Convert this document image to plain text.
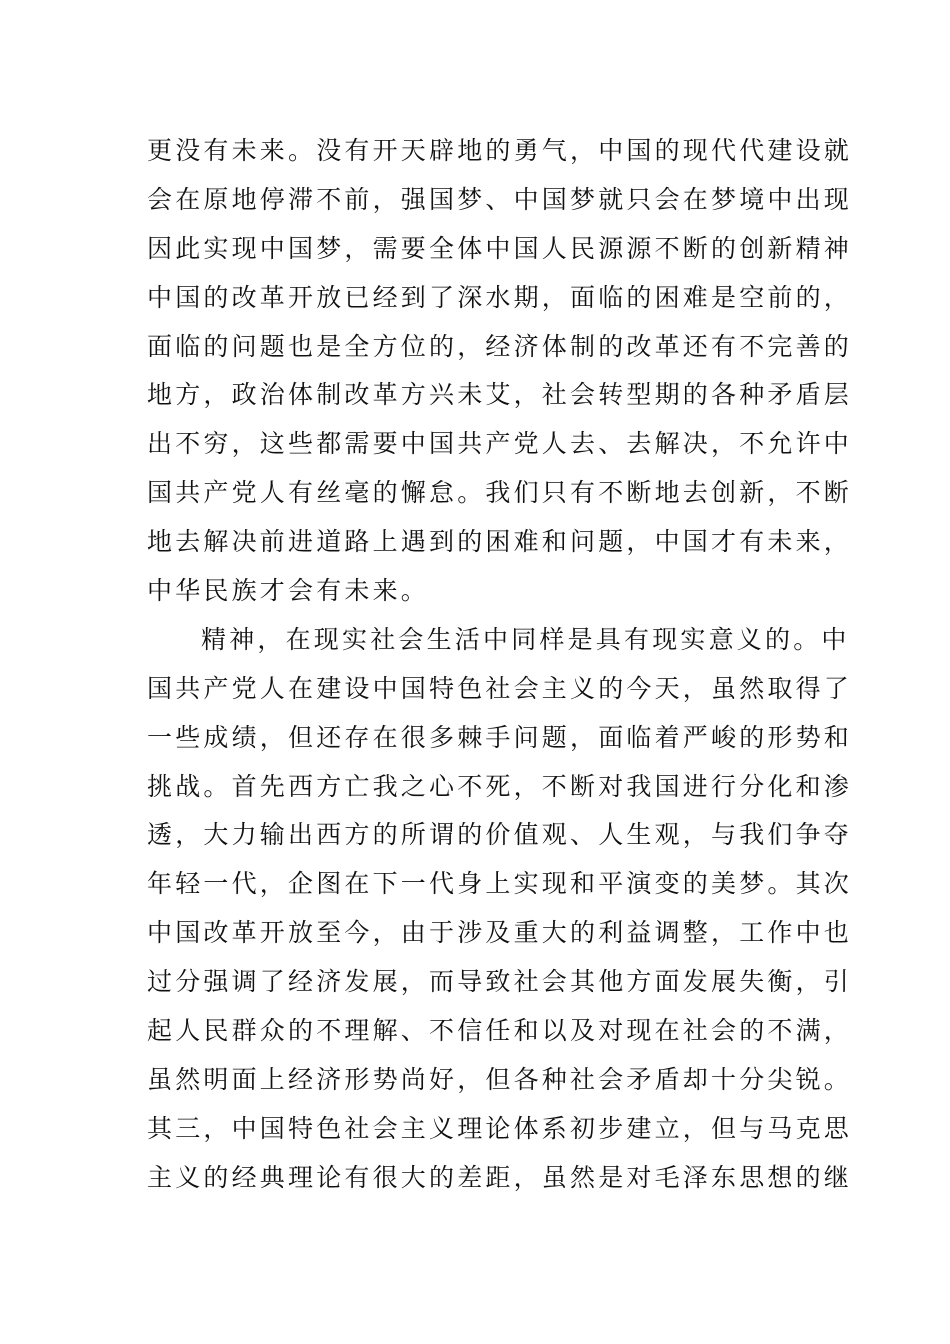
更没有未来。没有开天辟地的勇气，中国的现代代建设就
会在原地停滞不前，强国梦、中国梦就只会在梦境中出现
因此实现中国梦，需要全体中国人民源源不断的创新精神
中国的改革开放已经到了深水期，面临的困难是空前的，
面临的问题也是全方位的，经济体制的改革还有不完善的
地方，政治体制改革方兴未艾，社会转型期的各种矛盾层
出不穷，这些都需要中国共产党人去、去解决，不允许中
国共产党人有丝毫的懈怠。我们只有不断地去创新，不断
地去解决前进道路上遇到的困难和问题，中国才有未来，
中华民族才会有未来。
精神，在现实社会生活中同样是具有现实意义的。中
国共产党人在建设中国特色社会主义的今天，虽然取得了
一些成绩，但还存在很多棘手问题，面临着严峻的形势和
挑战。首先西方亡我之心不死，不断对我国进行分化和渗
透，大力输出西方的所谓的价值观、人生观，与我们争夺
年轻一代，企图在下一代身上实现和平演变的美梦。其次
中国改革开放至今，由于涉及重大的利益调整，工作中也
过分强调了经济发展，而导致社会其他方面发展失衡，引
起人民群众的不理解、不信任和以及对现在社会的不满，
虽然明面上经济形势尚好，但各种社会矛盾却十分尖锐。
其三，中国特色社会主义理论体系初步建立，但与马克思
主义的经典理论有很大的差距，虽然是对毛泽东思想的继
